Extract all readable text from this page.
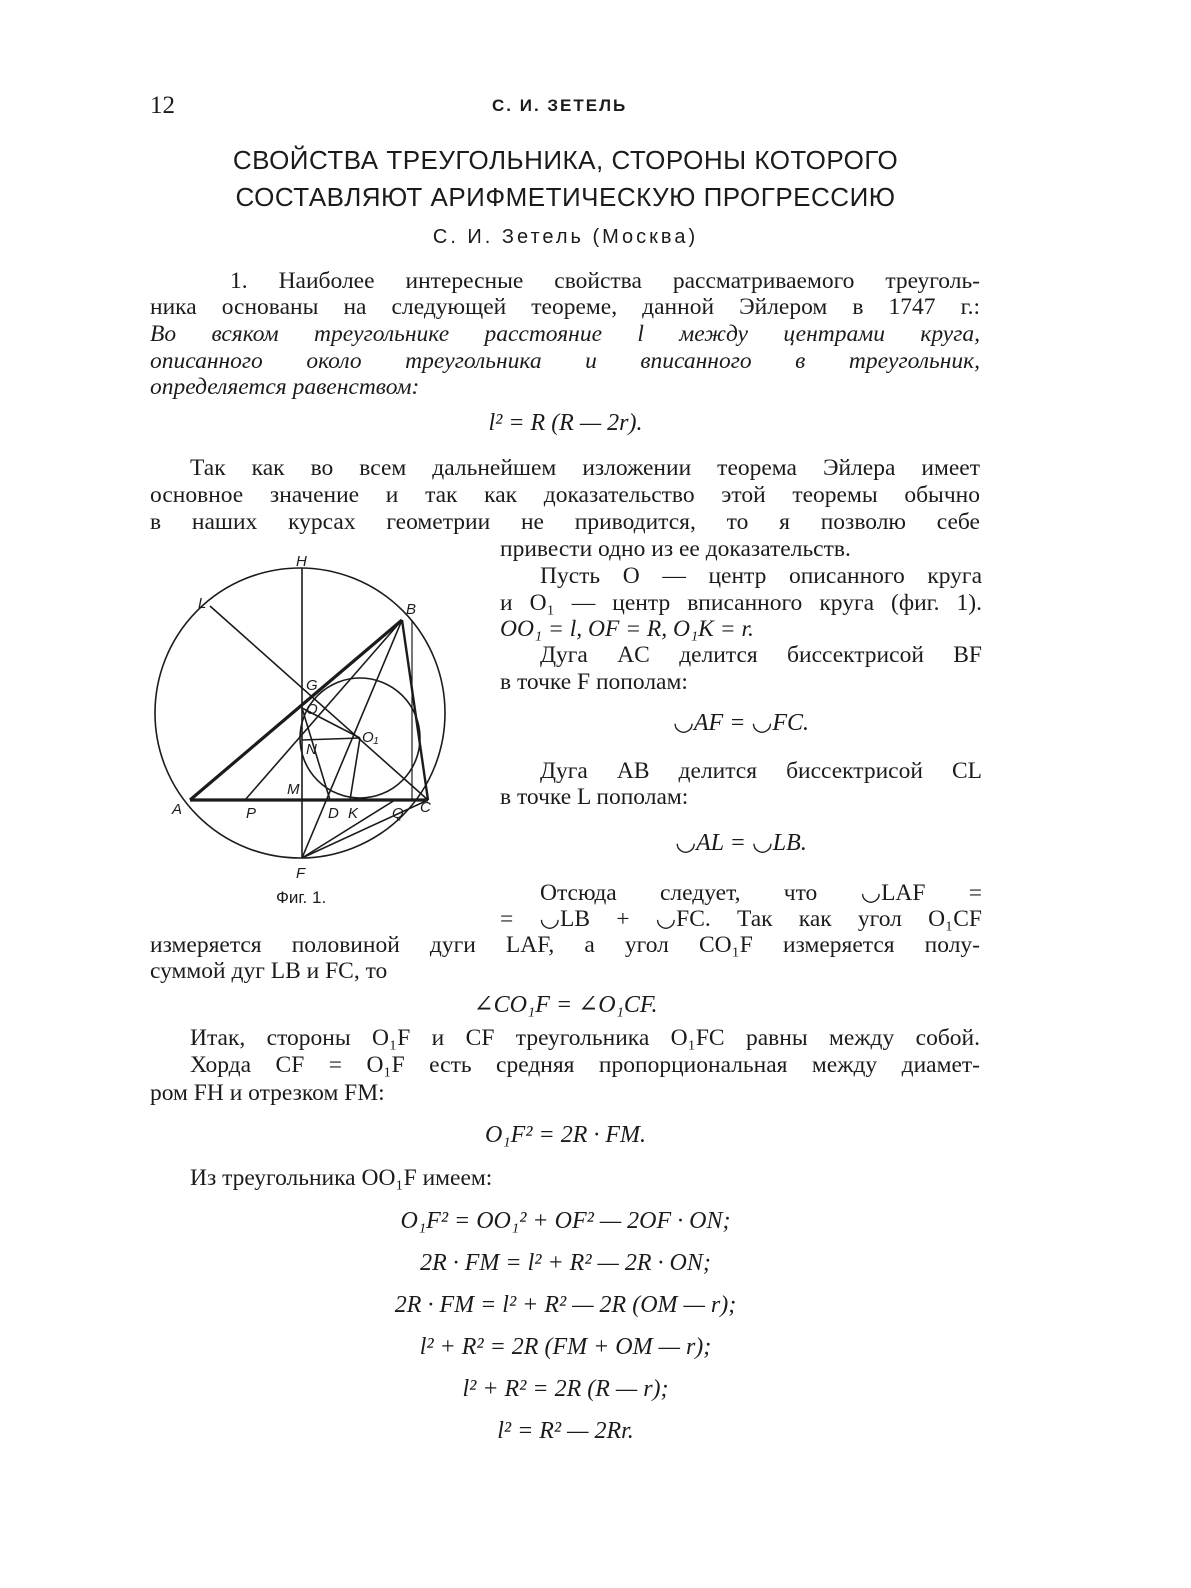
12	С. И. ЗЕТЕЛЬ
СВОЙСТВА ТРЕУГОЛЬНИКА, СТОРОНЫ КОТОРОГО
СОСТАВЛЯЮТ АРИФМЕТИЧЕСКУЮ ПРОГРЕССИЮ
С. И. Зетель (Москва)
1. Наиболее интересные свойства рассматриваемого треуголь-
ника основаны на следующей теореме, данной Эйлером в 1747 г.:
Во всяком треугольнике расстояние l между центрами круга,
описанного около треугольника и вписанного в треугольник,
определяется равенством:
l² = R (R — 2r).
Так как во всем дальнейшем изложении теорема Эйлера имеет
основное значение и так как доказательство этой теоремы обычно
в наших курсах геометрии не приводится, то я позволю себе
привести одно из ее доказательств.
Пусть O — центр описанного круга
и O₁ — центр вписанного круга (фиг. 1).
OO₁ = l, OF = R, O₁K = r.
Дуга AC делится биссектрисой BF
в точке F пополам:
◡AF = ◡FC.
Дуга AB делится биссектрисой CL
в точке L пополам:
◡AL = ◡LB.
Отсюда следует, что ◡LAF =
= ◡LB + ◡FC. Так как угол O₁CF
измеряется половиной дуги LAF, а угол CO₁F измеряется полу-
суммой дуг LB и FC, то
∠CO₁F = ∠O₁CF.
Итак, стороны O₁F и CF треугольника O₁FC равны между собой.
Хорда CF = O₁F есть средняя пропорциональная между диамет-
ром FH и отрезком FM:
O₁F² = 2R · FM.
Из треугольника OO₁F имеем:
O₁F² = OO₁² + OF² — 2OF · ON;
2R · FM = l² + R² — 2R · ON;
2R · FM = l² + R² — 2R (OM — r);
l² + R² = 2R (FM + OM — r);
l² + R² = 2R (R — r);
l² = R² — 2Rr.
H
L	B
G
O
N
O₁
M
A	P	D K Q C
F
Фиг. 1.
